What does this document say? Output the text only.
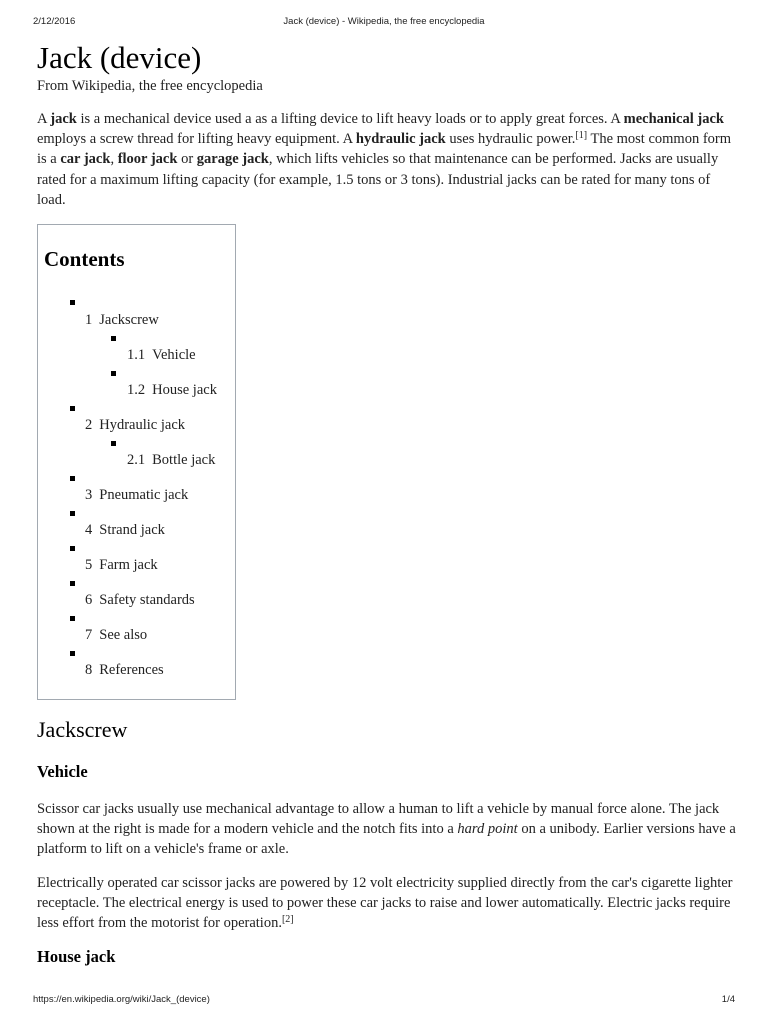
2/12/2016	Jack (device) - Wikipedia, the free encyclopedia
Jack (device)
From Wikipedia, the free encyclopedia

A jack is a mechanical device used a as a lifting device to lift heavy loads or to apply great forces. A mechanical jack employs a screw thread for lifting heavy equipment. A hydraulic jack uses hydraulic power.[1] The most common form is a car jack, floor jack or garage jack, which lifts vehicles so that maintenance can be performed. Jacks are usually rated for a maximum lifting capacity (for example, 1.5 tons or 3 tons). Industrial jacks can be rated for many tons of load.

Contents
1 Jackscrew
1.1 Vehicle
1.2 House jack
2 Hydraulic jack
2.1 Bottle jack
3 Pneumatic jack
4 Strand jack
5 Farm jack
6 Safety standards
7 See also
8 References
Jackscrew
Vehicle

Scissor car jacks usually use mechanical advantage to allow a human to lift a vehicle by manual force alone. The jack shown at the right is made for a modern vehicle and the notch fits into a hard point on a unibody. Earlier versions have a platform to lift on a vehicle's frame or axle.

Electrically operated car scissor jacks are powered by 12 volt electricity supplied directly from the car's cigarette lighter receptacle. The electrical energy is used to power these car jacks to raise and lower automatically. Electric jacks require less effort from the motorist for operation.[2]

House jack
https://en.wikipedia.org/wiki/Jack_(device)	1/4
